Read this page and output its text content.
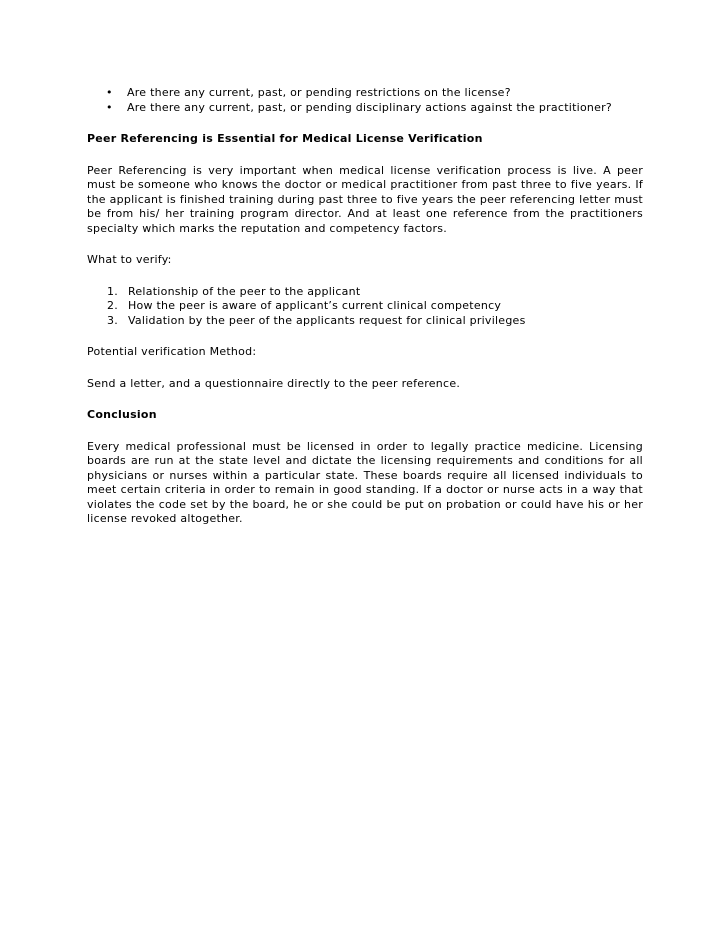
• Are there any current, past, or pending restrictions on the license?
• Are there any current, past, or pending disciplinary actions against the practitioner?

Peer Referencing is Essential for Medical License Verification

Peer Referencing is very important when medical license verification process is live. A peer must be someone who knows the doctor or medical practitioner from past three to five years. If the applicant is finished training during past three to five years the peer referencing letter must be from his/ her training program director. And at least one reference from the practitioners specialty which marks the reputation and competency factors.

What to verify:

1. Relationship of the peer to the applicant
2. How the peer is aware of applicant’s current clinical competency
3. Validation by the peer of the applicants request for clinical privileges

Potential verification Method:

Send a letter, and a questionnaire directly to the peer reference.

Conclusion

Every medical professional must be licensed in order to legally practice medicine. Licensing boards are run at the state level and dictate the licensing requirements and conditions for all physicians or nurses within a particular state. These boards require all licensed individuals to meet certain criteria in order to remain in good standing. If a doctor or nurse acts in a way that violates the code set by the board, he or she could be put on probation or could have his or her license revoked altogether.
